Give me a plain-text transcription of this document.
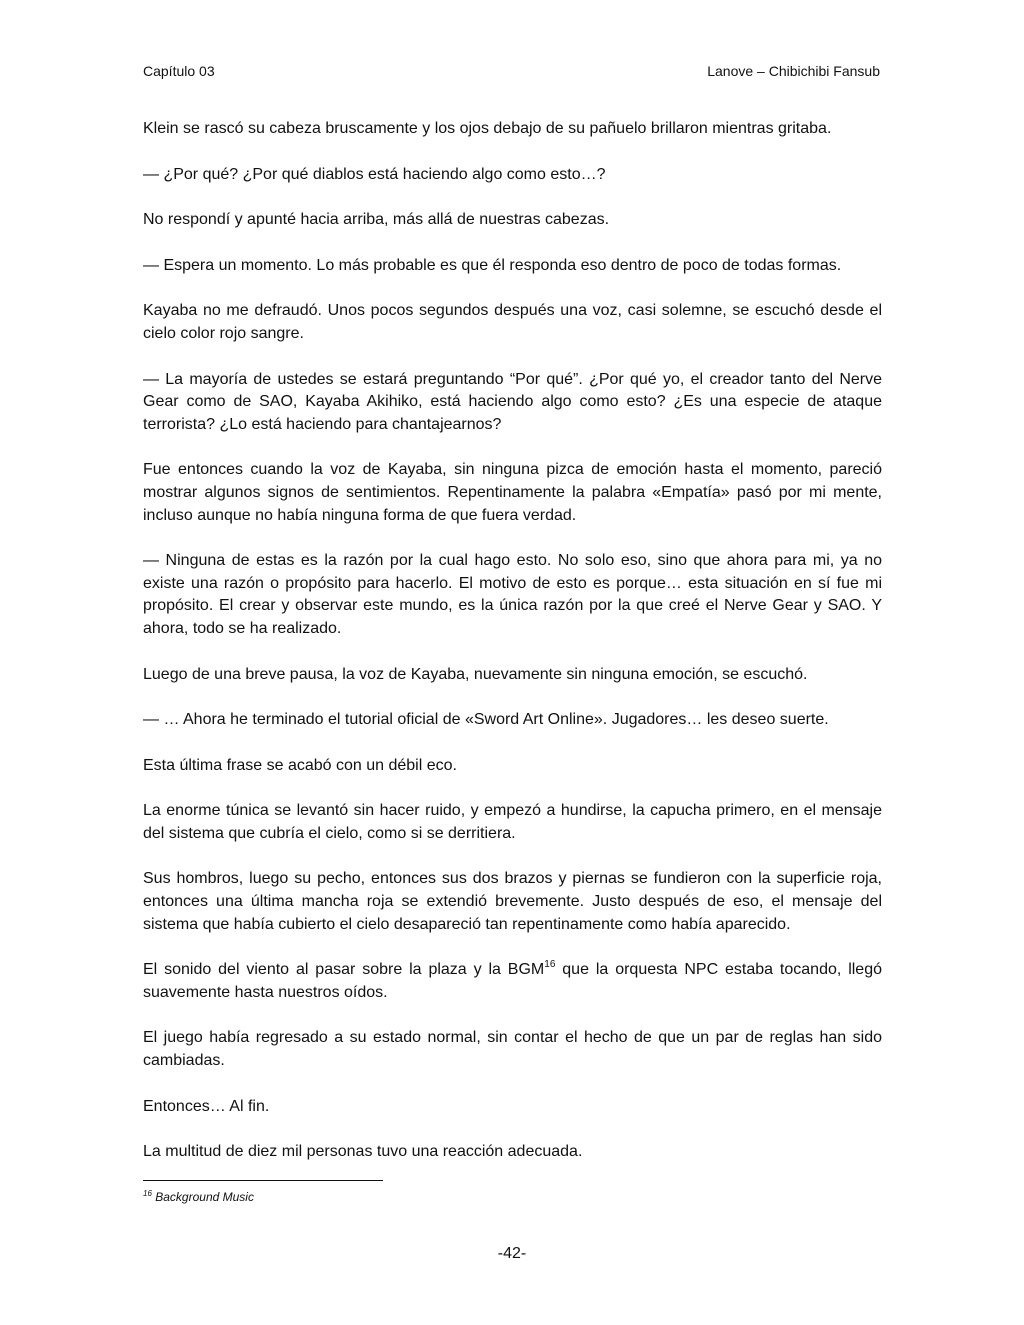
Capítulo 03	Lanove – Chibichibi Fansub

Klein se rascó su cabeza bruscamente y los ojos debajo de su pañuelo brillaron mientras gritaba.

— ¿Por qué? ¿Por qué diablos está haciendo algo como esto…?

No respondí y apunté hacia arriba, más allá de nuestras cabezas.

— Espera un momento. Lo más probable es que él responda eso dentro de poco de todas formas.

Kayaba no me defraudó. Unos pocos segundos después una voz, casi solemne, se escuchó desde el cielo color rojo sangre.

— La mayoría de ustedes se estará preguntando “Por qué”. ¿Por qué yo, el creador tanto del Nerve Gear como de SAO, Kayaba Akihiko, está haciendo algo como esto? ¿Es una especie de ataque terrorista? ¿Lo está haciendo para chantajearnos?

Fue entonces cuando la voz de Kayaba, sin ninguna pizca de emoción hasta el momento, pareció mostrar algunos signos de sentimientos. Repentinamente la palabra «Empatía» pasó por mi mente, incluso aunque no había ninguna forma de que fuera verdad.

— Ninguna de estas es la razón por la cual hago esto. No solo eso, sino que ahora para mi, ya no existe una razón o propósito para hacerlo. El motivo de esto es porque… esta situación en sí fue mi propósito. El crear y observar este mundo, es la única razón por la que creé el Nerve Gear y SAO. Y ahora, todo se ha realizado.

Luego de una breve pausa, la voz de Kayaba, nuevamente sin ninguna emoción, se escuchó.

— … Ahora he terminado el tutorial oficial de «Sword Art Online». Jugadores… les deseo suerte.

Esta última frase se acabó con un débil eco.

La enorme túnica se levantó sin hacer ruido, y empezó a hundirse, la capucha primero, en el mensaje del sistema que cubría el cielo, como si se derritiera.

Sus hombros, luego su pecho, entonces sus dos brazos y piernas se fundieron con la superficie roja, entonces una última mancha roja se extendió brevemente. Justo después de eso, el mensaje del sistema que había cubierto el cielo desapareció tan repentinamente como había aparecido.

El sonido del viento al pasar sobre la plaza y la BGM$^{16}$ que la orquesta NPC estaba tocando, llegó suavemente hasta nuestros oídos.

El juego había regresado a su estado normal, sin contar el hecho de que un par de reglas han sido cambiadas.

Entonces… Al fin.

La multitud de diez mil personas tuvo una reacción adecuada.

$^{16}$ Background Music
-42-
